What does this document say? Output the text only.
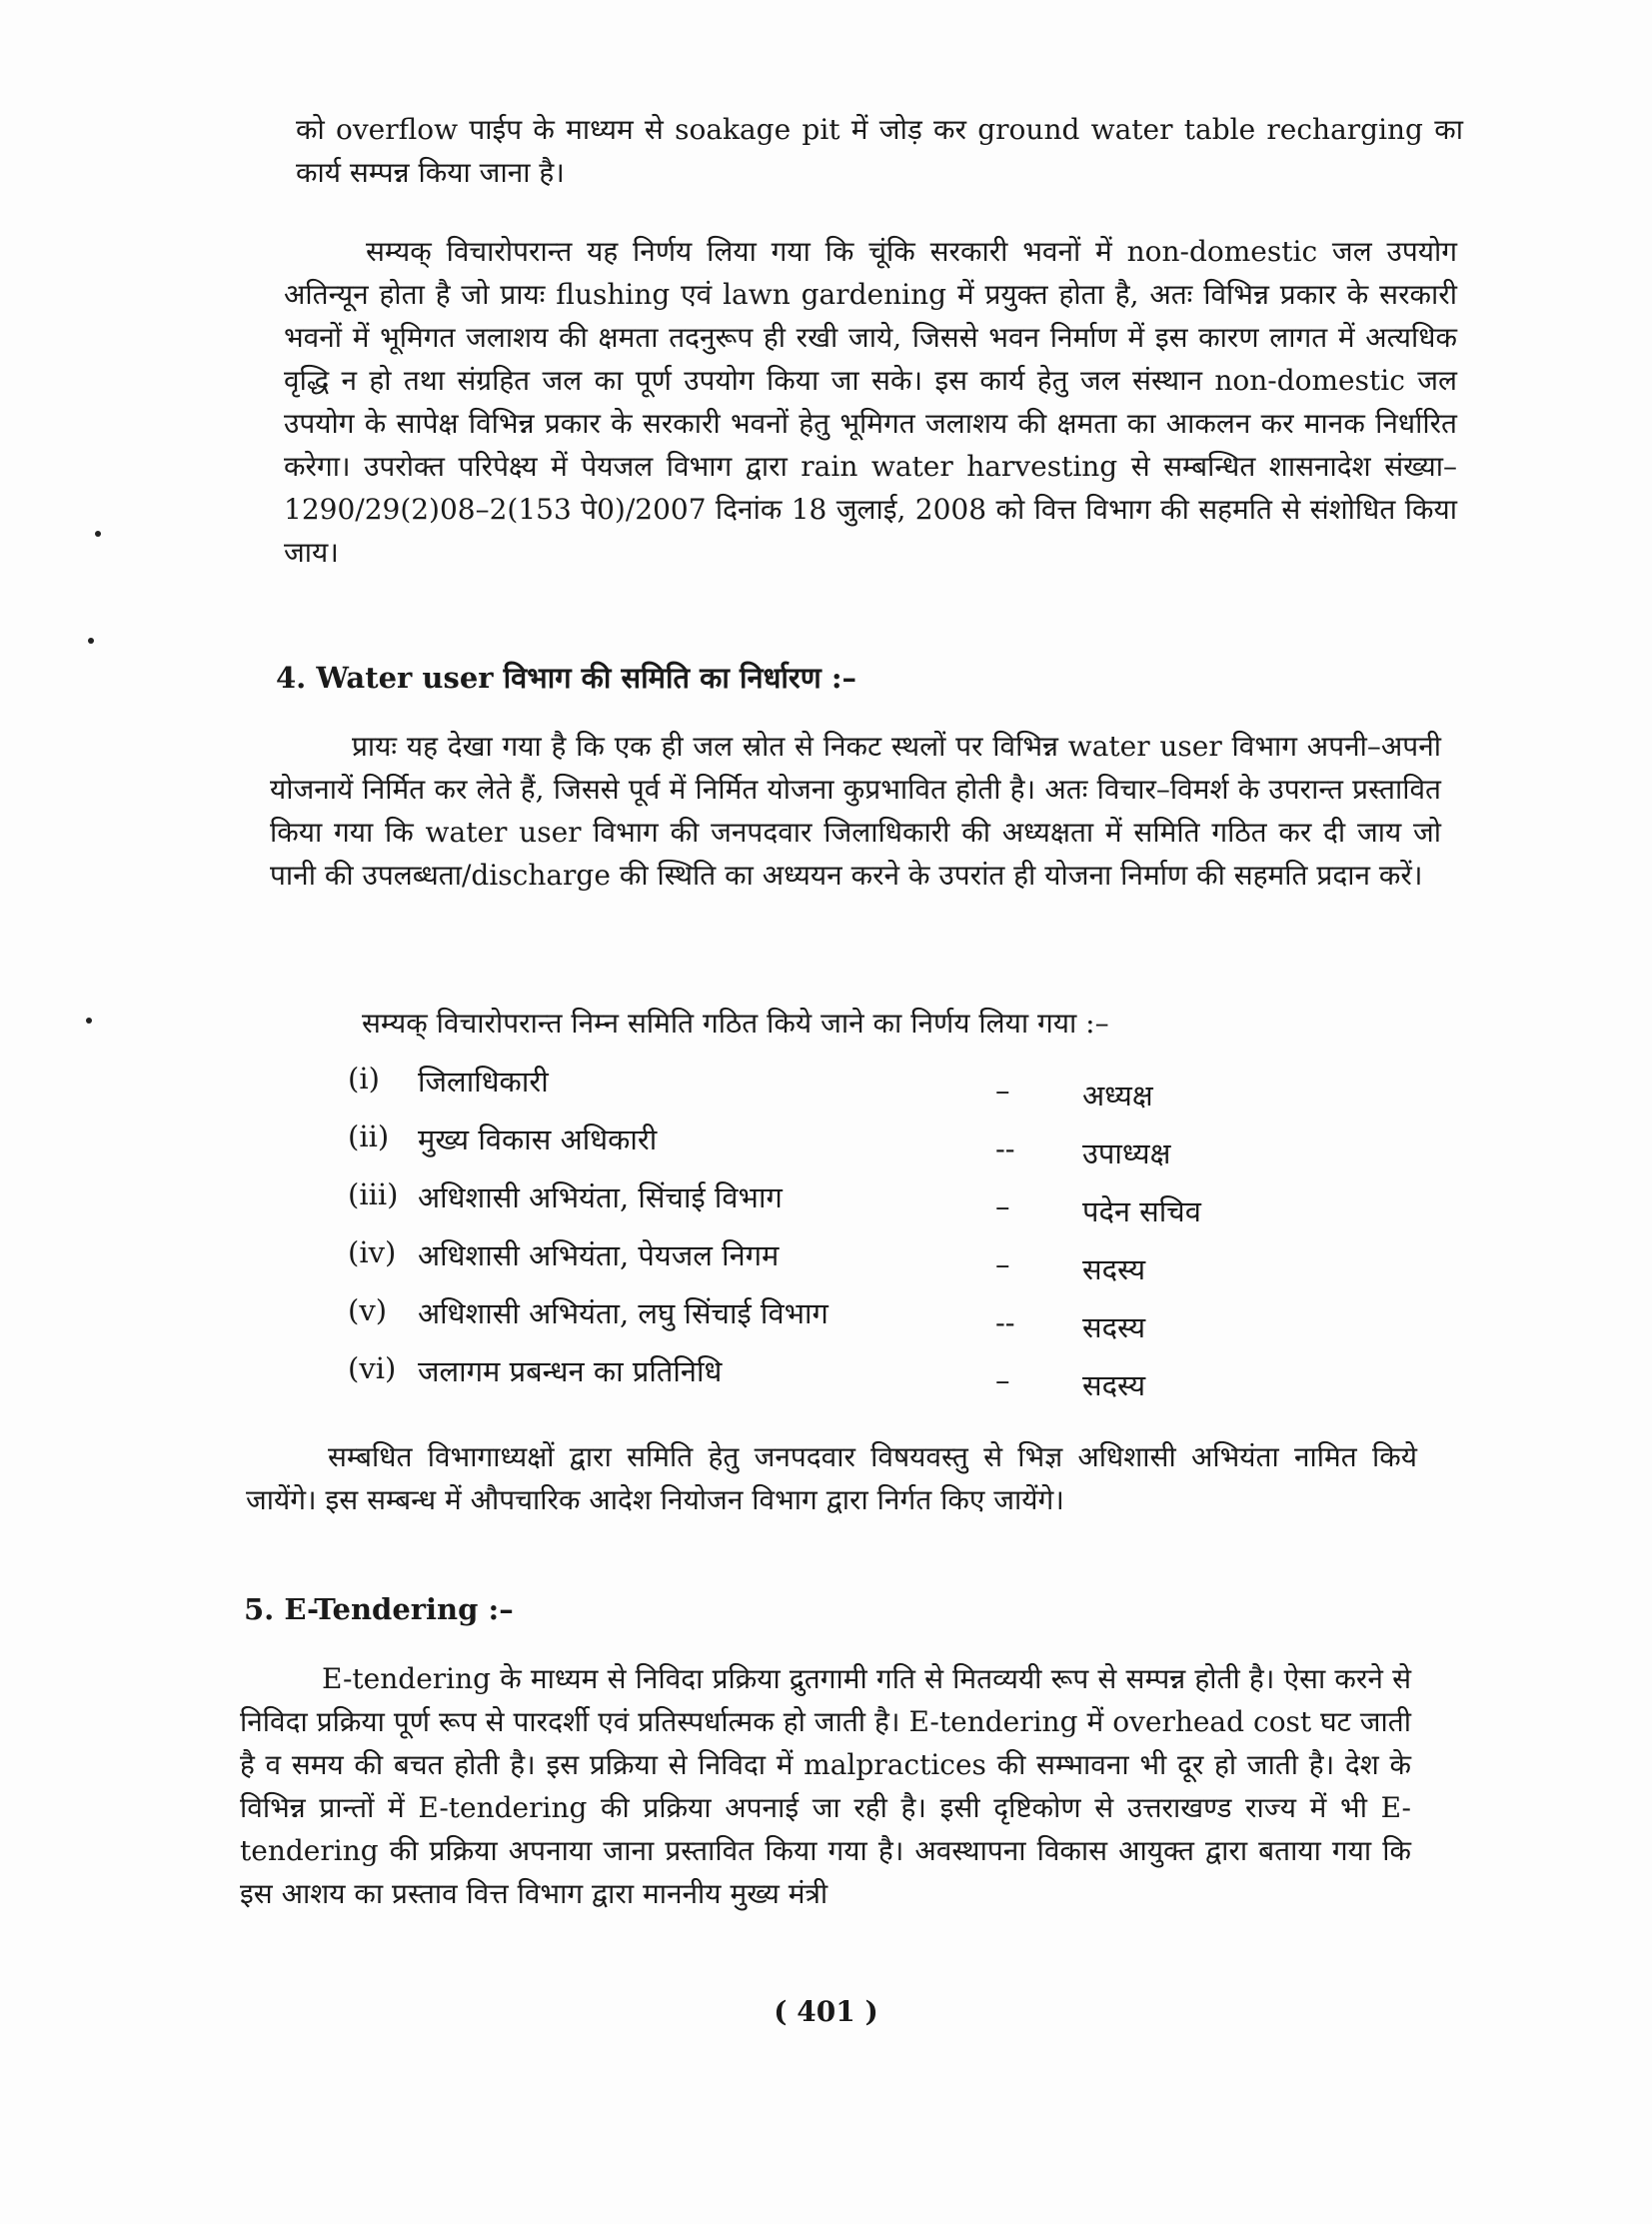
को overflow पाईप के माध्यम से soakage pit में जोड़ कर ground water table recharging का कार्य सम्पन्न किया जाना है।

सम्यक् विचारोपरान्त यह निर्णय लिया गया कि चूंकि सरकारी भवनों में non-domestic जल उपयोग अतिन्यून होता है जो प्रायः flushing एवं lawn gardening में प्रयुक्त होता है, अतः विभिन्न प्रकार के सरकारी भवनों में भूमिगत जलाशय की क्षमता तदनुरूप ही रखी जाये, जिससे भवन निर्माण में इस कारण लागत में अत्यधिक वृद्धि न हो तथा संग्रहित जल का पूर्ण उपयोग किया जा सके। इस कार्य हेतु जल संस्थान non-domestic जल उपयोग के सापेक्ष विभिन्न प्रकार के सरकारी भवनों हेतु भूमिगत जलाशय की क्षमता का आकलन कर मानक निर्धारित करेगा। उपरोक्त परिपेक्ष्य में पेयजल विभाग द्वारा rain water harvesting से सम्बन्धित शासनादेश संख्या–1290/29(2)08–2(153 पे0)/2007 दिनांक 18 जुलाई, 2008 को वित्त विभाग की सहमति से संशोधित किया जाय।

4. Water user विभाग की समिति का निर्धारण :–

प्रायः यह देखा गया है कि एक ही जल स्रोत से निकट स्थलों पर विभिन्न water user विभाग अपनी–अपनी योजनायें निर्मित कर लेते हैं, जिससे पूर्व में निर्मित योजना कुप्रभावित होती है। अतः विचार–विमर्श के उपरान्त प्रस्तावित किया गया कि water user विभाग की जनपदवार जिलाधिकारी की अध्यक्षता में समिति गठित कर दी जाय जो पानी की उपलब्धता/discharge की स्थिति का अध्ययन करने के उपरांत ही योजना निर्माण की सहमति प्रदान करें।

सम्यक् विचारोपरान्त निम्न समिति गठित किये जाने का निर्णय लिया गया :–

(i) जिलाधिकारी	–	अध्यक्ष
(ii) मुख्य विकास अधिकारी	-- उपाध्यक्ष
(iii) अधिशासी अभियंता, सिंचाई विभाग	–	पदेन सचिव
(iv) अधिशासी अभियंता, पेयजल निगम	–	सदस्य
(v) अधिशासी अभियंता, लघु सिंचाई विभाग	-- सदस्य
(vi) जलागम प्रबन्धन का प्रतिनिधि	–	सदस्य

सम्बधित विभागाध्यक्षों द्वारा समिति हेतु जनपदवार विषयवस्तु से भिज्ञ अधिशासी अभियंता नामित किये जायेंगे। इस सम्बन्ध में औपचारिक आदेश नियोजन विभाग द्वारा निर्गत किए जायेंगे।

5. E-Tendering :–

E-tendering के माध्यम से निविदा प्रक्रिया द्रुतगामी गति से मितव्ययी रूप से सम्पन्न होती है। ऐसा करने से निविदा प्रक्रिया पूर्ण रूप से पारदर्शी एवं प्रतिस्पर्धात्मक हो जाती है। E-tendering में overhead cost घट जाती है व समय की बचत होती है। इस प्रक्रिया से निविदा में malpractices की सम्भावना भी दूर हो जाती है। देश के विभिन्न प्रान्तों में E-tendering की प्रक्रिया अपनाई जा रही है। इसी दृष्टिकोण से उत्तराखण्ड राज्य में भी E-tendering की प्रक्रिया अपनाया जाना प्रस्तावित किया गया है। अवस्थापना विकास आयुक्त द्वारा बताया गया कि इस आशय का प्रस्ताव वित्त विभाग द्वारा माननीय मुख्य मंत्री

( 401 )
